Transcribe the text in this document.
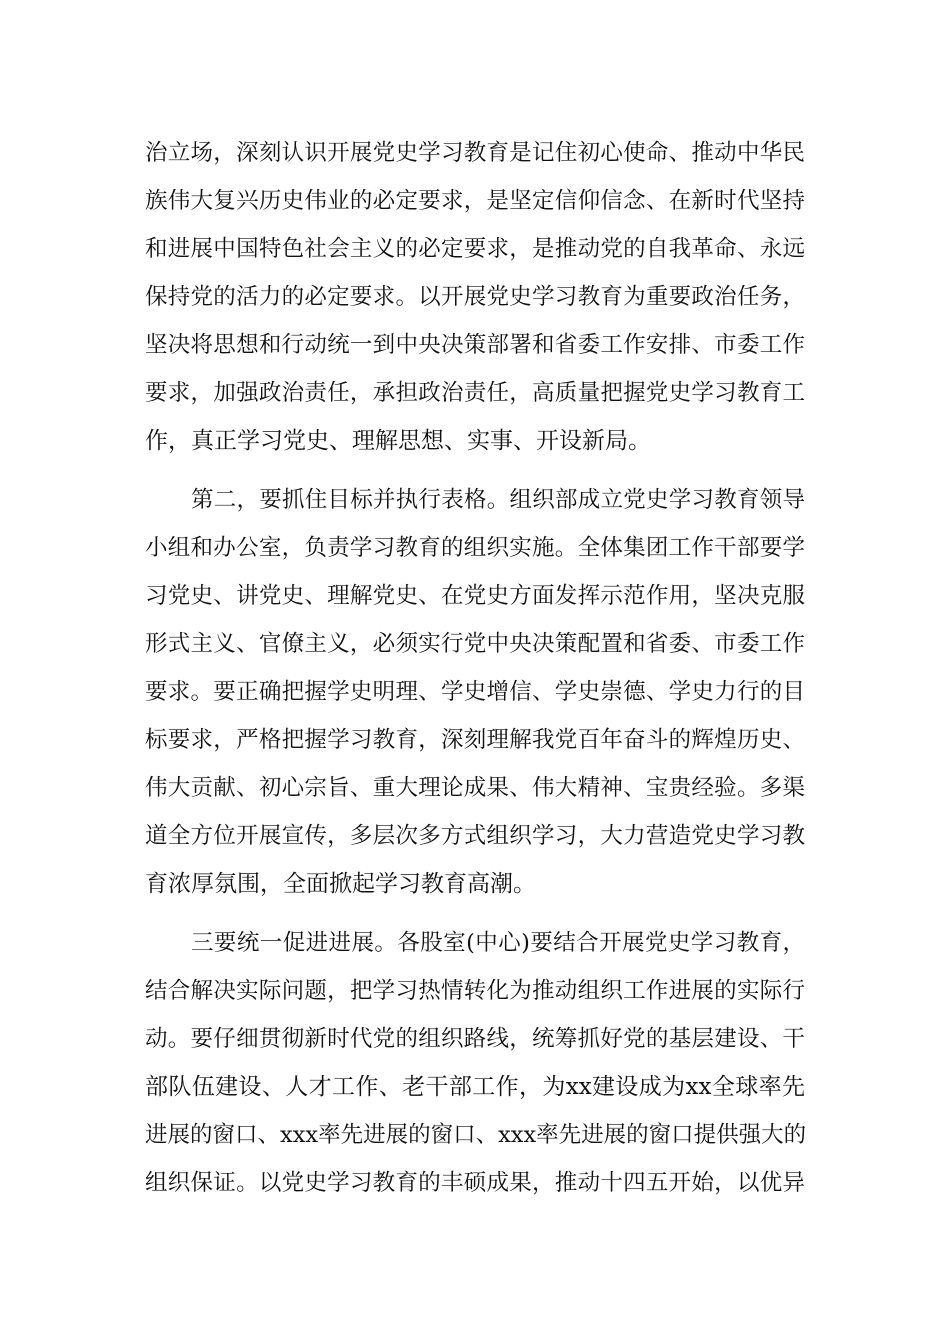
治立场，深刻认识开展党史学习教育是记住初心使命、推动中华民
族伟大复兴历史伟业的必定要求，是坚定信仰信念、在新时代坚持
和进展中国特色社会主义的必定要求，是推动党的自我革命、永远
保持党的活力的必定要求。以开展党史学习教育为重要政治任务，
坚决将思想和行动统一到中央决策部署和省委工作安排、市委工作
要求，加强政治责任，承担政治责任，高质量把握党史学习教育工
作，真正学习党史、理解思想、实事、开设新局。
第二，要抓住目标并执行表格。组织部成立党史学习教育领导
小组和办公室，负责学习教育的组织实施。全体集团工作干部要学
习党史、讲党史、理解党史、在党史方面发挥示范作用，坚决克服
形式主义、官僚主义，必须实行党中央决策配置和省委、市委工作
要求。要正确把握学史明理、学史增信、学史崇德、学史力行的目
标要求，严格把握学习教育，深刻理解我党百年奋斗的辉煌历史、
伟大贡献、初心宗旨、重大理论成果、伟大精神、宝贵经验。多渠
道全方位开展宣传，多层次多方式组织学习，大力营造党史学习教
育浓厚氛围，全面掀起学习教育高潮。
三要统一促进进展。各股室(中心)要结合开展党史学习教育，
结合解决实际问题，把学习热情转化为推动组织工作进展的实际行
动。要仔细贯彻新时代党的组织路线，统筹抓好党的基层建设、干
部队伍建设、人才工作、老干部工作，为xx建设成为xx全球率先
进展的窗口、xxx率先进展的窗口、xxx率先进展的窗口提供强大的
组织保证。以党史学习教育的丰硕成果，推动十四五开始，以优异
